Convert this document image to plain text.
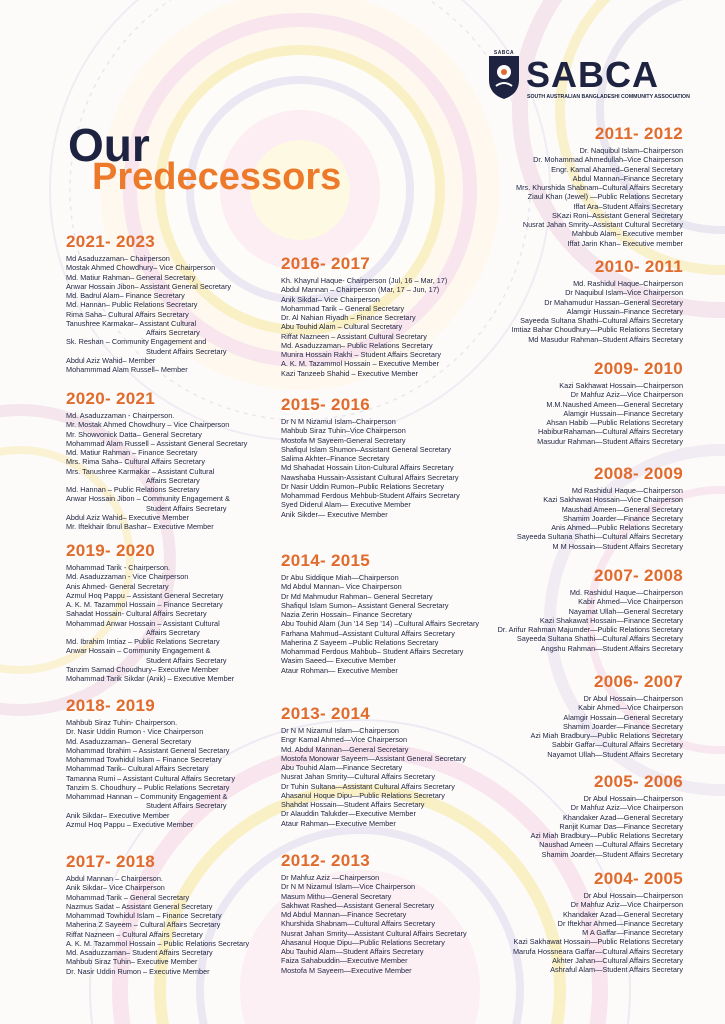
SABCA
SABCA
SOUTH AUSTRALIAN BANGLADESHI COMMUNITY ASSOCIATION
Our
Predecessors
2021- 2023
Md Asaduzzaman– Chairperson
Mostak Ahmed Chowdhury– Vice Chairperson
Md. Matiur Rahman– General Secretary
Anwar Hossain Jibon– Assistant General Secretary
Md. Badrul Alam– Finance Secretary
Md. Hannan– Public Relations Secretary
Rima Saha– Cultural Affairs Secretary
Tanushree Karmakar– Assistant Cultural
Affairs Secretary
Sk. Reshan – Community Engagement and
Student Affairs Secretary
Abdul Aziz Wahid– Member
Mohammmad Alam Russell– Member
2020- 2021
Md. Asaduzzaman - Chairperson.
Mr. Mostak Ahmed Chowdhury – Vice Chairperson
Mr. Showvonick Datta– General Secretary
Mohammad Alam Russell – Assistant General Secretary
Md. Matiur Rahman – Finance Secretary
Mrs. Rima Saha– Cultural Affairs Secretary
Mrs. Tanushree Karmakar – Assistant Cultural
Affairs Secretary
Md. Hannan – Public Relations Secretary
Anwar Hossain Jibon – Community Engagement &
Student Affairs Secretary
Abdul Aziz Wahid– Executive Member
Mr. Iftekhair Ibnul Bashar– Executive Member
2019- 2020
Mohammad Tarik - Chairperson.
Md. Asaduzzaman - Vice Chairperson
Anis Ahmed- General Secretary
Azmul Hoq Pappu – Assistant General Secretary
A. K. M. Tazammol Hossain – Finance Secretary
Sahadat Hossain- Cultural Affairs Secretary
Mohammad Anwar Hossain – Assistant Cultural
Affairs Secretary
Md. Ibrahim Imtiaz – Public Relations Secretary
Anwar Hossain – Community Engagement &
Student Affairs Secretary
Tanzim Samad Choudhury– Executive Member
Mohammad Tarik Sikdar (Anik) – Executive Member
2018- 2019
Mahbub Siraz Tuhin- Chairperson.
Dr. Nasir Uddin Rumon - Vice Chairperson
Md. Asaduzzaman– General Secretary
Mohammad Ibrahim – Assistant General Secretary
Mohammad Towhidul Islam – Finance Secretary
Mohammad Tarik– Cultural Affairs Secretary
Tamanna Rumi – Assistant Cultural Affairs Secretary
Tanzim S. Choudhury – Public Relations Secretary
Mohammad Hannan – Community Engagement &
Student Affairs Secretary
Anik Sikdar– Executive Member
Azmul Hoq Pappu – Executive Member
2017- 2018
Abdul Mannan – Chairperson.
Anik Sikdar– Vice Chairperson
Mohammad Tarik – General Secretary
Nazmus Sadat – Assistant General Secretary
Mohammad Towhidul Islam – Finance Secretary
Maherina Z Sayeem – Cultural Affairs Secretary
Riffat Nazneen – Cultural Affairs Secretary
A. K. M. Tazammol Hossain – Public Relations Secretary
Md. Asaduzzaman– Student Affairs Secretary
Mahbub Siraz Tuhin– Executive Member
Dr. Nasir Uddin Rumon – Executive Member
2016- 2017
Kh. Khayrul Haque- Chairperson (Jul, 16 – Mar, 17)
Abdul Mannan – Chairperson (Mar, 17 – Jun, 17)
Anik Sikdar– Vice Chairperson
Mohammad Tarik – General Secretary
Dr. Al Nahian Riyadh – Finance Secretary
Abu Touhid Alam – Cultural Secretary
Riffat Nazneen – Assistant Cultural Secretary
Md. Asaduzzaman– Public Relations Secretary
Munira Hossain Rakhi – Student Affairs Secretary
A. K. M. Tazammol Hossain – Executive Member
Kazi Tanzeeb Shahid – Executive Member
2015- 2016
Dr N M Nizamul Islam–Chairperson
Mahbub Siraz Tuhin–Vice Chairperson
Mostofa M Sayeem-General Secretary
Shafiqul Islam Shumon–Assistant General Secretary
Salima Akhter–Finance Secretary
Md Shahadat Hossain Liton-Cultural Affairs Secretary
Nawshaba Hussain-Assistant Cultural Affairs Secretary
Dr Nasir Uddin Rumon–Public Relations Secretary
Mohammad Ferdous Mehbub-Student Affairs Secretary
Syed Diderul Alam— Executive Member
Anik Sikder— Executive Member
2014- 2015
Dr Abu Siddique Miah—Chairperson
Md Abdul Mannan– Vice Chairperson
Dr Md Mahmudur Rahman– General Secretary
Shafiqul Islam Sumon– Assistant General Secretary
Nazia Zerin Hossain– Finance Secretary
Abu Touhid Alam (Jun '14 Sep '14) –Cultural Affairs Secretary
Farhana Mahmud–Assistant Cultural Affairs Secretary
Maherina Z Sayeem –Public Relations Secretary
Mohammad Ferdous Mahbub– Student Affairs Secretary
Wasim Saeed— Executive Member
Ataur Rohman— Executive Member
2013- 2014
Dr N M Nizamul Islam—Chairperson
Engr Kamal Ahmed—Vice Chairperson
Md. Abdul Mannan—General Secretary
Mostofa Monowar Sayeem—Assistant General Secretary
Abu Touhid Alam—Finance Secretary
Nusrat Jahan Smrity—Cultural Affairs Secretary
Dr Tuhin Sultana—Assistant Cultural Affairs Secretary
Ahasanul Hoque Dipu—Public Relations Secretary
Shahdat Hossain—Student Affairs Secretary
Dr Alauddin Talukder—Executive Member
Ataur Rahman—Executive Member
2012- 2013
Dr Mahfuz Aziz —Chairperson
Dr N M Nizamul Islam—Vice Chairperson
Masum Mithu—General Secretary
Sakhwat Rashed—Assistant General Secretary
Md Abdul Mannan—Finance Secretary
Khurshida Shabnam—Cultural Affairs Secretary
Nusrat Jahan Smrity—Assistant Cultural Affairs Secretary
Ahasanul Hoque Dipu—Public Relations Secretary
Abu Tauhid Alam—Student Affairs Secretary
Faiza Sahabuddin—Executive Member
Mostofa M Sayeem—Executive Member
2011- 2012
Dr. Naquibul Islam–Chairperson
Dr. Mohammad Ahmedullah–Vice Chairperson
Engr. Kamal Ahamed–General Secretary
Abdul Mannan–Finance Secretary
Mrs. Khurshida Shabnam–Cultural Affairs Secretary
Ziaul Khan (Jewel) —Public Relations Secretary
Iffat Ara–Student Affairs Secretary
SKazi Roni–Assistant General Secretary
Nusrat Jahan Smrity–Assistant Cultural Secretary
Mahbub Alam– Executive member
Iffat Jarin Khan– Executive member
2010- 2011
Md. Rashidul Haque–Chairperson
Dr Naquibul Islam–Vice Chairperson
Dr Mahamudur Hassan–General Secretary
Alamgir Hussain–Finance Secretary
Sayeeda Sultana Shathi–Cultural Affairs Secretary
Imtiaz Bahar Choudhury—Public Relations Secretary
Md Masudur Rahman–Student Affairs Secretary
2009- 2010
Kazi Sakhawat Hossain—Chairperson
Dr Mahfuz Aziz—Vice Chairperson
M.M.Naushed Ameen—General Secretary
Alamgir Hussain—Finance Secretary
Ahsan Habib —Public Relations Secretary
HabiburRahaman—Cultural Affairs Secretary
Masudur Rahman—Student Affairs Secretary
2008- 2009
Md Rashidul Haque—Chairperson
Kazi Sakhawat Hossain—Vice Chairperson
Maushad Ameen—General Secretary
Shamim Joarder—Finance Secretary
Anis Ahmed—Public Relations Secretary
Sayeeda Sultana Shathi—Cultural Affairs Secretary
M M Hossain—Student Affairs Secretary
2007- 2008
Md. Rashidul Haque—Chairperson
Kabir Ahmed—Vice Chairperson
Nayamat Ullah—General Secretary
Kazi Shakawat Hossain—Finance Secretary
Dr. Arifur Rahman Majumder—Public Relations Secretary
Sayeeda Sultana Shathi—Cultural Affairs Secretary
Angshu Rahman—Student Affairs Secretary
2006- 2007
Dr Abul Hossain—Chairperson
Kabir Ahmed—Vice Chairperson
Alamgir Hossain—General Secretary
Shamim Joarder—Finance Secretary
Azi Miah Bradbury—Public Relations Secretary
Sabbir Gaffar—Cultural Affairs Secretary
Nayamot Ullah—Student Affairs Secretary
2005- 2006
Dr Abul Hossain—Chairperson
Dr Mahfuz Aziz—Vice Chairperson
Khandaker Azad—General Secretary
Ranjit Kumar Das—Finance Secretary
Azi Miah Bradbury—Public Relations Secretary
Naushad Ameen —Cultural Affairs Secretary
Shamim Joarder—Student Affairs Secretary
2004- 2005
Dr Abul Hossain—Chairperson
Dr Mahfuz Aziz—Vice Chairperson
Khandaker Azad—General Secretary
Dr Iftekhar Ahmed—Finance Secretary
M A Gaffar—Finance Secretary
Kazi Sakhawat Hossain—Public Relations Secretary
Marufa Hossneara Gaffar—Cultural Affairs Secretary
Akhter Jahan—Cultural Affairs Secretary
Ashraful Alam—Student Affairs Secretary
